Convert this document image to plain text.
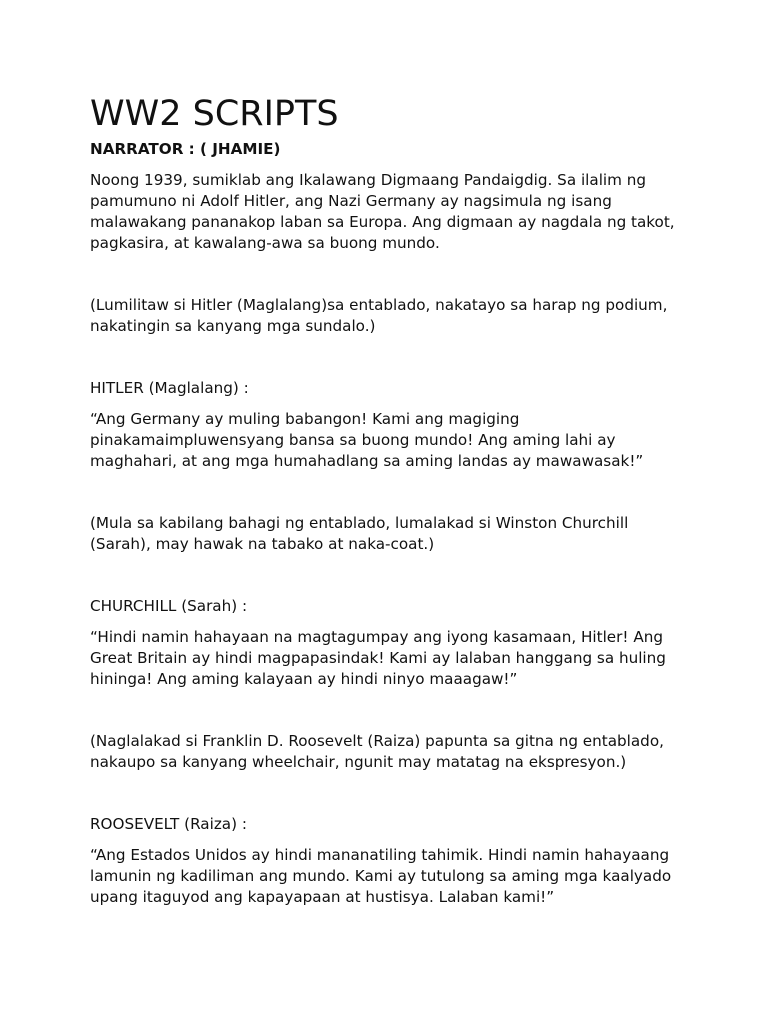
WW2 SCRIPTS

NARRATOR : ( JHAMIE)

Noong 1939, sumiklab ang Ikalawang Digmaang Pandaigdig. Sa ilalim ng

pamumuno ni Adolf Hitler, ang Nazi Germany ay nagsimula ng isang

malawakang pananakop laban sa Europa. Ang digmaan ay nagdala ng takot,

pagkasira, at kawalang-awa sa buong mundo.

(Lumilitaw si Hitler (Maglalang)sa entablado, nakatayo sa harap ng podium,

nakatingin sa kanyang mga sundalo.)

HITLER (Maglalang) :

“Ang Germany ay muling babangon! Kami ang magiging

pinakamaimpluwensyang bansa sa buong mundo! Ang aming lahi ay

maghahari, at ang mga humahadlang sa aming landas ay mawawasak!”

(Mula sa kabilang bahagi ng entablado, lumalakad si Winston Churchill

(Sarah), may hawak na tabako at naka-coat.)

CHURCHILL (Sarah) :

“Hindi namin hahayaan na magtagumpay ang iyong kasamaan, Hitler! Ang

Great Britain ay hindi magpapasindak! Kami ay lalaban hanggang sa huling

hininga! Ang aming kalayaan ay hindi ninyo maaagaw!”

(Naglalakad si Franklin D. Roosevelt (Raiza) papunta sa gitna ng entablado,

nakaupo sa kanyang wheelchair, ngunit may matatag na ekspresyon.)

ROOSEVELT (Raiza) :

“Ang Estados Unidos ay hindi mananatiling tahimik. Hindi namin hahayaang

lamunin ng kadiliman ang mundo. Kami ay tutulong sa aming mga kaalyado

upang itaguyod ang kapayapaan at hustisya. Lalaban kami!”
